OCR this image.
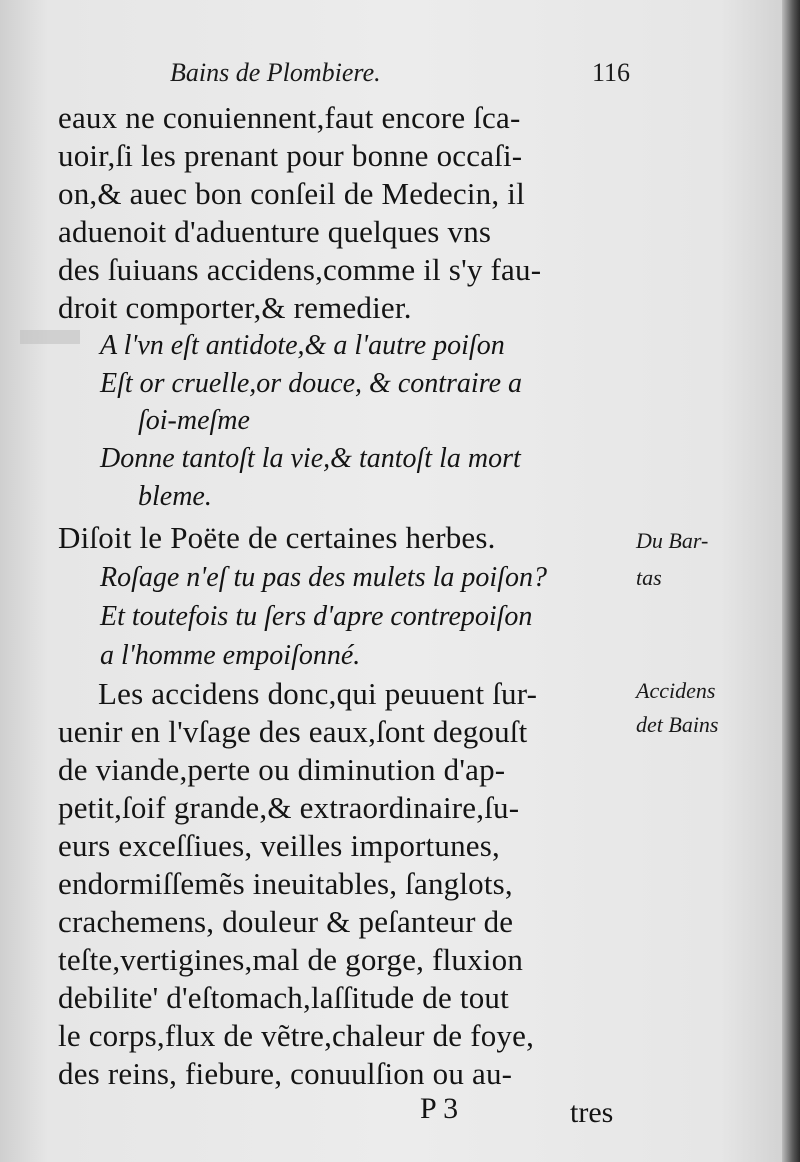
Bains de Plombiere.	116
eaux ne conuiennent,faut encore ſca-
uoir,ſi les prenant pour bonne occaſi-
on,& auec bon conſeil de Medecin, il
aduenoit d'aduenture quelques vns
des ſuiuans accidens,comme il s'y fau-
droit comporter,& remedier.
A l'vn eſt antidote,& a l'autre poiſon
Eſt or cruelle,or douce, & contraire a
ſoi-meſme
Donne tantoſt la vie,& tantoſt la mort
bleme.
Diſoit le Poëte de certaines herbes.
Roſage n'eſ tu pas des mulets la poiſon?
Et toutefois tu ſers d'apre contrepoiſon
a l'homme empoiſonné.
Les accidens donc,qui peuuent ſur-
uenir en l'vſage des eaux,ſont degouſt
de viande,perte ou diminution d'ap-
petit,ſoif grande,& extraordinaire,ſu-
eurs exceſſiues, veilles importunes,
endormiſſemẽs ineuitables, ſanglots,
crachemens, douleur & peſanteur de
teſte,vertigines,mal de gorge, fluxion
debilite' d'eſtomach,laſſitude de tout
le corps,flux de vẽtre,chaleur de foye,
des reins, fiebure, conuulſion ou au-
Du Bar-
tas
Accidens
det Bains
P 3	tres
